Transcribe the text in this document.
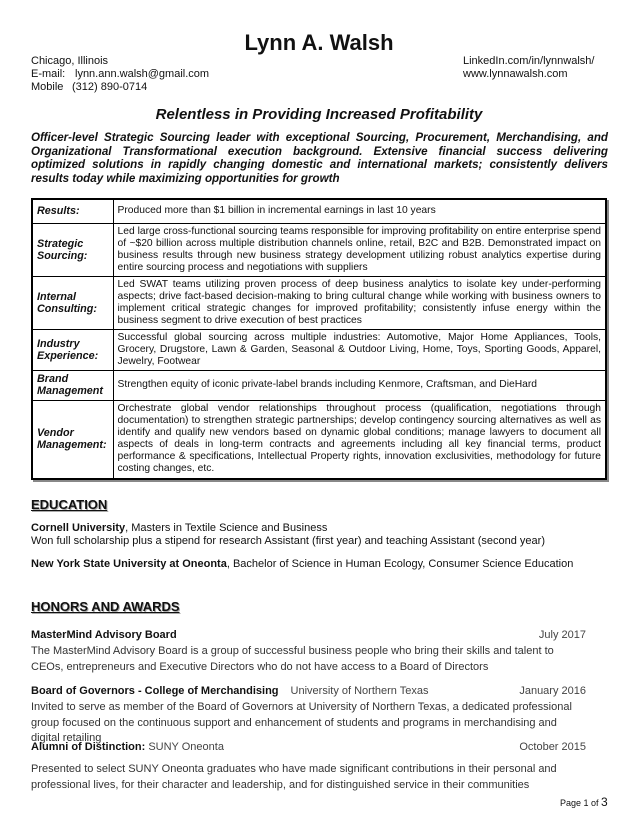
Lynn A. Walsh
Chicago, Illinois
E-mail: lynn.ann.walsh@gmail.com
Mobile (312) 890-0714
LinkedIn.com/in/lynnwalsh/
www.lynnawalsh.com
Relentless in Providing Increased Profitability
Officer-level Strategic Sourcing leader with exceptional Sourcing, Procurement, Merchandising, and Organizational Transformational execution background. Extensive financial success delivering optimized solutions in rapidly changing domestic and international markets; consistently delivers results today while maximizing opportunities for growth
Results:	Produced more than $1 billion in incremental earnings in last 10 years
Strategic Sourcing:	Led large cross-functional sourcing teams responsible for improving profitability on entire enterprise spend of ~$20 billion across multiple distribution channels online, retail, B2C and B2B. Demonstrated impact on business results through new business strategy development utilizing robust analytics expertise during entire sourcing process and negotiations with suppliers
Internal Consulting:	Led SWAT teams utilizing proven process of deep business analytics to isolate key under-performing aspects; drive fact-based decision-making to bring cultural change while working with business owners to implement critical strategic changes for improved profitability; consistently infuse energy within the business segment to drive execution of best practices
Industry Experience:	Successful global sourcing across multiple industries: Automotive, Major Home Appliances, Tools, Grocery, Drugstore, Lawn & Garden, Seasonal & Outdoor Living, Home, Toys, Sporting Goods, Apparel, Jewelry, Footwear
Brand Management	Strengthen equity of iconic private-label brands including Kenmore, Craftsman, and DieHard
Vendor Management:	Orchestrate global vendor relationships throughout process (qualification, negotiations through documentation) to strengthen strategic partnerships; develop contingency sourcing alternatives as well as identify and qualify new vendors based on dynamic global conditions; manage lawyers to document all aspects of deals in long-term contracts and agreements including all key financial terms, product performance & specifications, Intellectual Property rights, innovation exclusivities, methodology for future costing changes, etc.
EDUCATION
Cornell University, Masters in Textile Science and Business
Won full scholarship plus a stipend for research Assistant (first year) and teaching Assistant (second year)
New York State University at Oneonta, Bachelor of Science in Human Ecology, Consumer Science Education
HONORS AND AWARDS
MasterMind Advisory Board	July 2017
The MasterMind Advisory Board is a group of successful business people who bring their skills and talent to CEOs, entrepreneurs and Executive Directors who do not have access to a Board of Directors
Board of Governors - College of Merchandising University of Northern Texas	January 2016
Invited to serve as member of the Board of Governors at University of Northern Texas, a dedicated professional group focused on the continuous support and enhancement of students and programs in merchandising and digital retailing
Alumni of Distinction: SUNY Oneonta	October 2015
Presented to select SUNY Oneonta graduates who have made significant contributions in their personal and professional lives, for their character and leadership, and for distinguished service in their communities
Page 1 of 3
